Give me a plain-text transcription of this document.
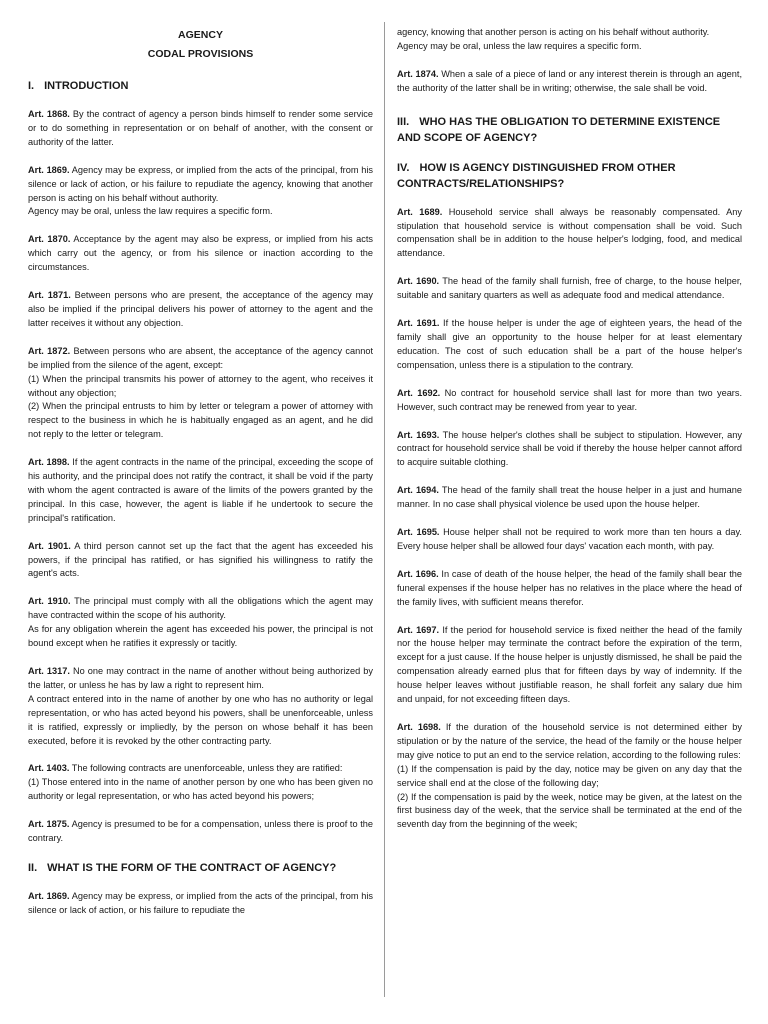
AGENCY
CODAL PROVISIONS
I. INTRODUCTION

Art. 1868. By the contract of agency a person binds himself to render some service or to do something in representation or on behalf of another, with the consent or authority of the latter.

Art. 1869. Agency may be express, or implied from the acts of the principal, from his silence or lack of action, or his failure to repudiate the agency, knowing that another person is acting on his behalf without authority.

Agency may be oral, unless the law requires a specific form.

Art. 1870. Acceptance by the agent may also be express, or implied from his acts which carry out the agency, or from his silence or inaction according to the circumstances.

Art. 1871. Between persons who are present, the acceptance of the agency may also be implied if the principal delivers his power of attorney to the agent and the latter receives it without any objection.

Art. 1872. Between persons who are absent, the acceptance of the agency cannot be implied from the silence of the agent, except:

(1) When the principal transmits his power of attorney to the agent, who receives it without any objection;

(2) When the principal entrusts to him by letter or telegram a power of attorney with respect to the business in which he is habitually engaged as an agent, and he did not reply to the letter or telegram.

Art. 1898. If the agent contracts in the name of the principal, exceeding the scope of his authority, and the principal does not ratify the contract, it shall be void if the party with whom the agent contracted is aware of the limits of the powers granted by the principal. In this case, however, the agent is liable if he undertook to secure the principal's ratification.

Art. 1901. A third person cannot set up the fact that the agent has exceeded his powers, if the principal has ratified, or has signified his willingness to ratify the agent's acts.

Art. 1910. The principal must comply with all the obligations which the agent may have contracted within the scope of his authority.

As for any obligation wherein the agent has exceeded his power, the principal is not bound except when he ratifies it expressly or tacitly.

Art. 1317. No one may contract in the name of another without being authorized by the latter, or unless he has by law a right to represent him.

A contract entered into in the name of another by one who has no authority or legal representation, or who has acted beyond his powers, shall be unenforceable, unless it is ratified, expressly or impliedly, by the person on whose behalf it has been executed, before it is revoked by the other contracting party.

Art. 1403. The following contracts are unenforceable, unless they are ratified:

(1) Those entered into in the name of another person by one who has been given no authority or legal representation, or who has acted beyond his powers;

Art. 1875. Agency is presumed to be for a compensation, unless there is proof to the contrary.

II. WHAT IS THE FORM OF THE CONTRACT OF AGENCY?

Art. 1869. Agency may be express, or implied from the acts of the principal, from his silence or lack of action, or his failure to repudiate the

agency, knowing that another person is acting on his behalf without authority.

Agency may be oral, unless the law requires a specific form.

Art. 1874. When a sale of a piece of land or any interest therein is through an agent, the authority of the latter shall be in writing; otherwise, the sale shall be void.

III. WHO HAS THE OBLIGATION TO DETERMINE EXISTENCE AND SCOPE OF AGENCY?
IV. HOW IS AGENCY DISTINGUISHED FROM OTHER CONTRACTS/RELATIONSHIPS?

Art. 1689. Household service shall always be reasonably compensated. Any stipulation that household service is without compensation shall be void. Such compensation shall be in addition to the house helper's lodging, food, and medical attendance.

Art. 1690. The head of the family shall furnish, free of charge, to the house helper, suitable and sanitary quarters as well as adequate food and medical attendance.

Art. 1691. If the house helper is under the age of eighteen years, the head of the family shall give an opportunity to the house helper for at least elementary education. The cost of such education shall be a part of the house helper's compensation, unless there is a stipulation to the contrary.

Art. 1692. No contract for household service shall last for more than two years. However, such contract may be renewed from year to year.

Art. 1693. The house helper's clothes shall be subject to stipulation. However, any contract for household service shall be void if thereby the house helper cannot afford to acquire suitable clothing.

Art. 1694. The head of the family shall treat the house helper in a just and humane manner. In no case shall physical violence be used upon the house helper.

Art. 1695. House helper shall not be required to work more than ten hours a day. Every house helper shall be allowed four days' vacation each month, with pay.

Art. 1696. In case of death of the house helper, the head of the family shall bear the funeral expenses if the house helper has no relatives in the place where the head of the family lives, with sufficient means therefor.

Art. 1697. If the period for household service is fixed neither the head of the family nor the house helper may terminate the contract before the expiration of the term, except for a just cause. If the house helper is unjustly dismissed, he shall be paid the compensation already earned plus that for fifteen days by way of indemnity. If the house helper leaves without justifiable reason, he shall forfeit any salary due him and unpaid, for not exceeding fifteen days.

Art. 1698. If the duration of the household service is not determined either by stipulation or by the nature of the service, the head of the family or the house helper may give notice to put an end to the service relation, according to the following rules:

(1) If the compensation is paid by the day, notice may be given on any day that the service shall end at the close of the following day;

(2) If the compensation is paid by the week, notice may be given, at the latest on the first business day of the week, that the service shall be terminated at the end of the seventh day from the beginning of the week;
